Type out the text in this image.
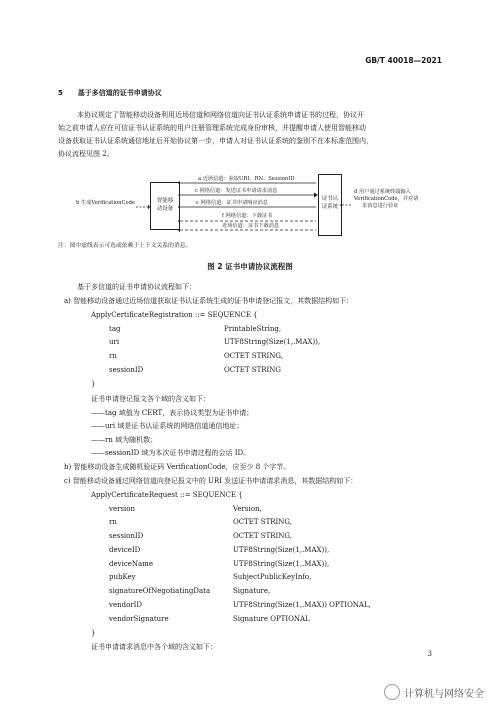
GB/T 40018—2021
5 基于多信道的证书申请协议
本协议规定了智能移动设备利用近场信道和网络信道向证书认证系统申请证书的过程，协议开
始之前申请人应在可信证书认证系统的用户注册管理系统完成身份审核，并提醒申请人使用智能移动
设备获取证书认证系统通信地址后开始协议第一步，申请人对证书认证系统的鉴别不在本标准范围内，
协议流程见图 2。
b 生成VerificationCode	智能移
动设备
证书认
证系统
a 近场信道：获取URI、RN、SessionID
c 网络信道：发送证书申请请求消息
c 网络信道：证书申请响应消息
f 网络信道：下载证书
近场信道：证书下载消息
d 用户通过系统终端输入
VerificationCode，并对请
求消息进行验证
注：图中虚线表示可选或依赖于上下文关系的消息。
图 2 证书申请协议流程图
基于多信道的证书申请协议流程如下：
a) 智能移动设备通过近场信道获取证书认证系统生成的证书申请登记报文，其数据结构如下：
ApplyCertificateRegistration ::= SEQUENCE {
tag	PrintableString,
uri	UTF8String(Size(1,.MAX)),
rn	OCTET STRING,
sessionID	OCTET STRING
}
证书申请登记报文各个域的含义如下：
——tag 域值为 CERT，表示协议类型为证书申请；
——uri 域是证书认证系统的网络信道通信地址；
——rn 域为随机数；
——sessionID 域为本次证书申请过程的会话 ID。
b) 智能移动设备生成随机验证码 VerificationCode，应至少 8 个字节。
c) 智能移动设备通过网络信道向登记报文中的 URI 发送证书申请请求消息，其数据结构如下：
ApplyCertificateRequest ::= SEQUENCE {
version	Version,
rn	OCTET STRING,
sessionID	OCTET STRING,
deviceID	UTF8String(Size(1,.MAX)),
deviceName	UTF8String(Size(1,.MAX)),
pubKey	SubjectPublicKeyInfo,
signatureOfNegotiatingData	Signature,
vendorID	UTF8String(Size(1,.MAX)) OPTIONAL,
vendorSignature	Signature OPTIONAL
}
证书申请请求消息中各个域的含义如下：
3
计算机与网络安全
